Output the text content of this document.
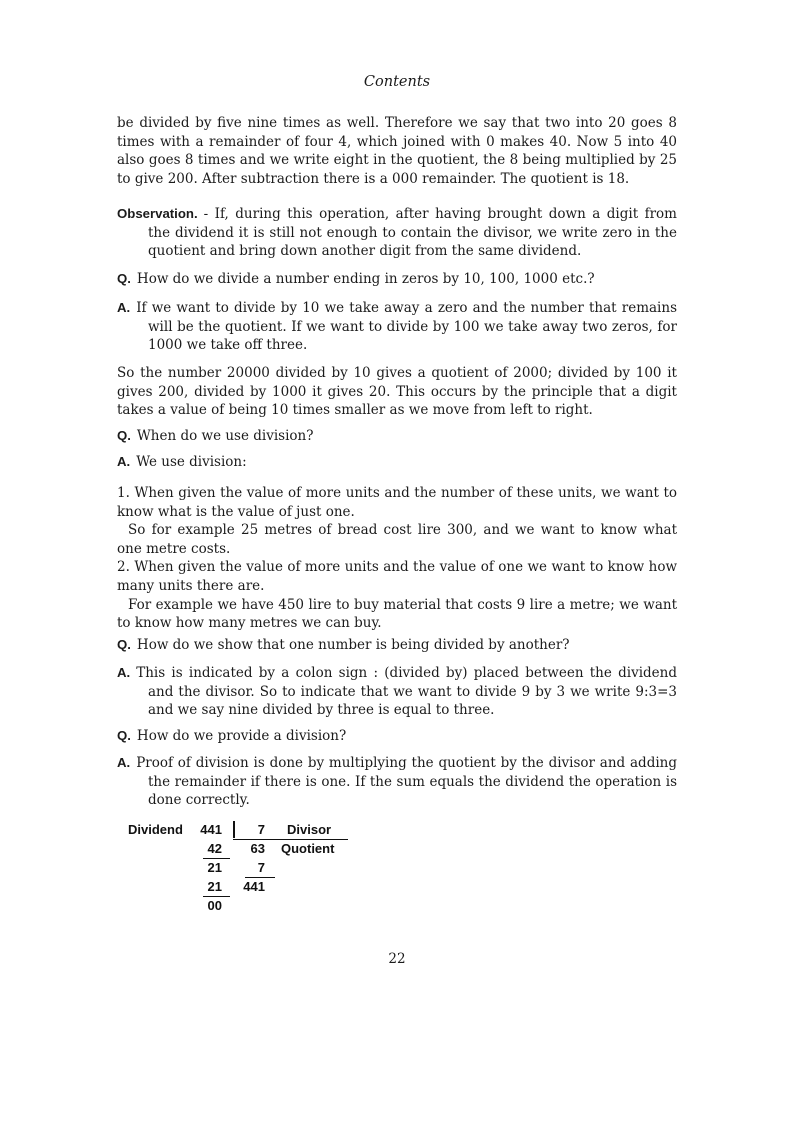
Contents

be divided by five nine times as well. Therefore we say that two into 20 goes 8 times with a remainder of four 4, which joined with 0 makes 40. Now 5 into 40 also goes 8 times and we write eight in the quotient, the 8 being multiplied by 25 to give 200. After subtraction there is a 000 remainder. The quotient is 18.

Observation. - If, during this operation, after having brought down a digit from the dividend it is still not enough to contain the divisor, we write zero in the quotient and bring down another digit from the same dividend.

Q. How do we divide a number ending in zeros by 10, 100, 1000 etc.?

A. If we want to divide by 10 we take away a zero and the number that remains will be the quotient. If we want to divide by 100 we take away two zeros, for 1000 we take off three.

So the number 20000 divided by 10 gives a quotient of 2000; divided by 100 it gives 200, divided by 1000 it gives 20. This occurs by the principle that a digit takes a value of being 10 times smaller as we move from left to right.

Q. When do we use division?

A. We use division:

1. When given the value of more units and the number of these units, we want to know what is the value of just one.

So for example 25 metres of bread cost lire 300, and we want to know what one metre costs.

2. When given the value of more units and the value of one we want to know how many units there are.

For example we have 450 lire to buy material that costs 9 lire a metre; we want to know how many metres we can buy.

Q. How do we show that one number is being divided by another?

A. This is indicated by a colon sign : (divided by) placed between the dividend and the divisor. So to indicate that we want to divide 9 by 3 we write 9:3=3 and we say nine divided by three is equal to three.

Q. How do we provide a division?

A. Proof of division is done by multiplying the quotient by the divisor and adding the remainder if there is one. If the sum equals the dividend the operation is done correctly.

Dividend	441
42
21
21
00
7
63
7
441
Divisor
Quotient
22
